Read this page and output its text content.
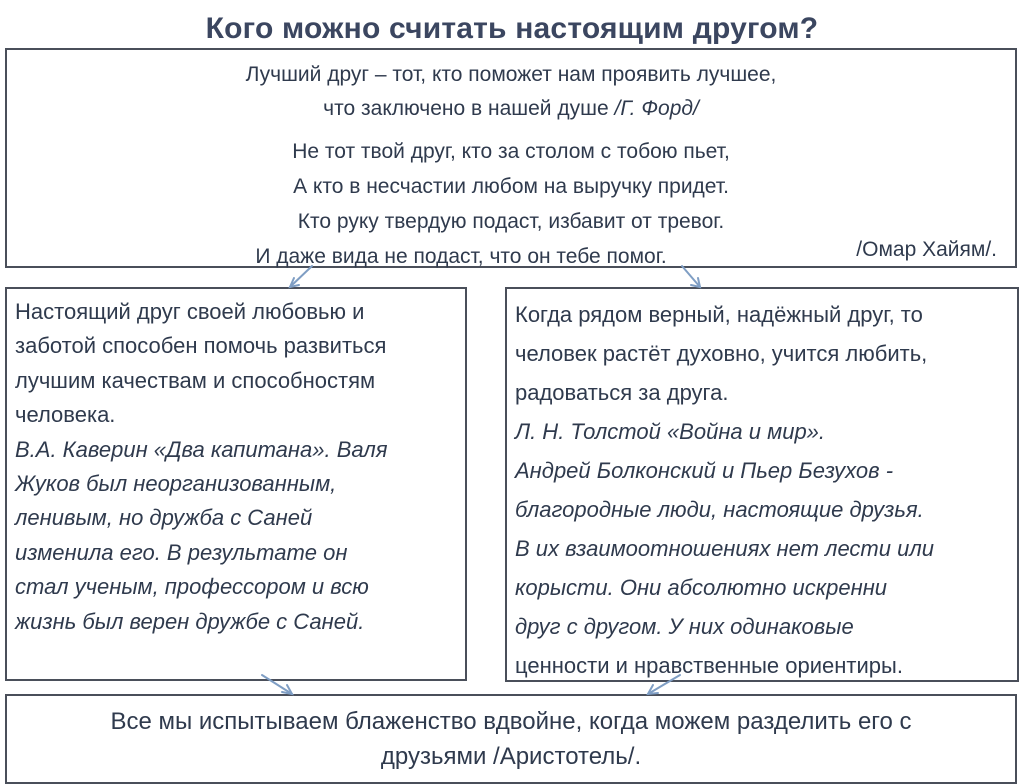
Кого можно считать настоящим другом?
Лучший друг – тот, кто поможет нам проявить лучшее,
что заключено в нашей душе /Г. Форд/
Не тот твой друг, кто за столом с тобою пьет,
А кто в несчастии любом на выручку придет.
Кто руку твердую подаст, избавит от тревог.
И даже вида не подаст, что он тебе помог.	/Омар Хайям/.
Настоящий друг своей любовью и
заботой способен помочь развиться
лучшим качествам и способностям
человека.
В.А. Каверин «Два капитана». Валя
Жуков был неорганизованным,
ленивым, но дружба с Саней
изменила его. В результате он
стал ученым, профессором и всю
жизнь был верен дружбе с Саней.
Когда рядом верный, надёжный друг, то
человек растёт духовно, учится любить,
радоваться за друга.
Л. Н. Толстой «Война и мир».
Андрей Болконский и Пьер Безухов -
благородные люди, настоящие друзья.
В их взаимоотношениях нет лести или
корысти. Они абсолютно искренни
друг с другом. У них одинаковые
ценности и нравственные ориентиры.
Все мы испытываем блаженство вдвойне, когда можем разделить его с
друзьями /Аристотель/.
